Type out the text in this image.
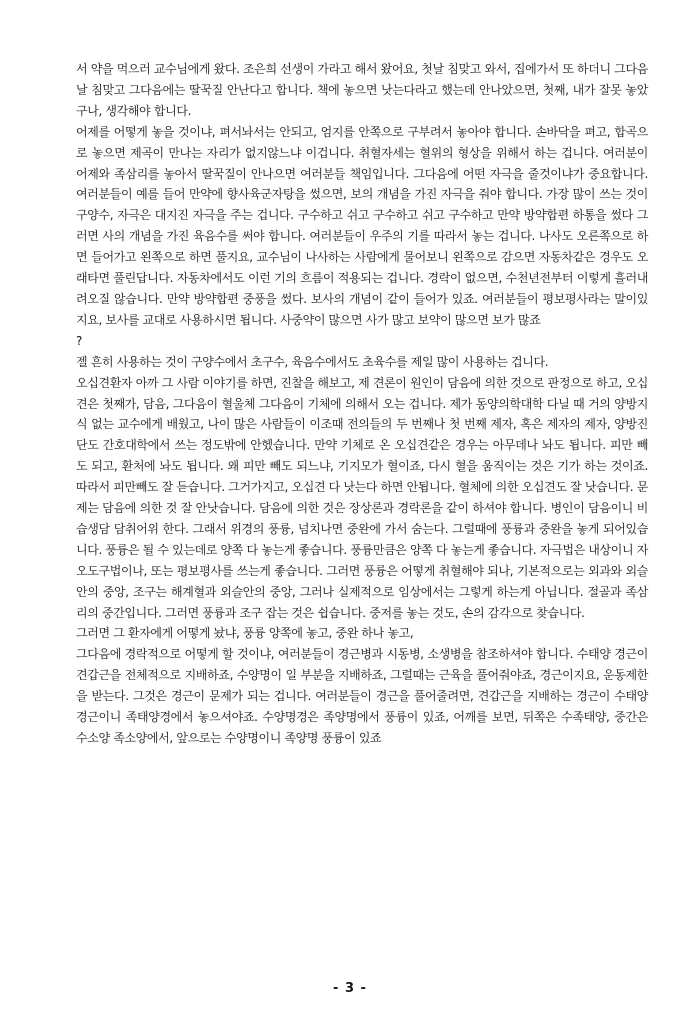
서 약을 먹으러 교수님에게 왔다. 조은희 선생이 가라고 해서 왔어요, 첫날 침맞고 와서, 집에가서 또 하더니 그다음날 침맞고 그다음에는 딸꾹질 안난다고 합니다. 책에 놓으면 낫는다라고 했는데 안나았으면, 첫째, 내가 잘못 놓았구나, 생각해야 합니다.
어제를 어떻게 놓을 것이냐, 펴서놔서는 안되고, 엄지를 안쪽으로 구부려서 놓아야 합니다. 손바닥을 펴고, 합곡으로 놓으면 제곡이 만나는 자리가 없지않느냐 이겁니다. 취혈자세는 혈위의 형상을 위해서 하는 겁니다. 여러분이 어제와 족삼리를 놓아서 딸꾹질이 안나으면 여러분들 책임입니다. 그다음에 어떤 자극을 줄것이냐가 중요합니다. 여러분들이 예를 들어 만약에 향사육군자탕을 썼으면, 보의 개념을 가진 자극을 줘야 합니다. 가장 많이 쓰는 것이 구양수, 자극은 대지진 자극을 주는 겁니다. 구수하고 쉬고 구수하고 쉬고 구수하고 만약 방약합편 하통을 썼다 그러면 사의 개념을 가진 육음수를 써야 합니다. 여러분들이 우주의 기를 따라서 놓는 겁니다. 나사도 오른쪽으로 하면 들어가고 왼쪽으로 하면 풀지요, 교수님이 나사하는 사람에게 물어보니 왼쪽으로 감으면 자동차같은 경우도 오래타면 풀린답니다. 자동차에서도 이런 기의 흐름이 적용되는 겁니다. 경락이 없으면, 수천년전부터 이렇게 흘러내려오질 않습니다. 만약 방약합편 중풍을 썼다. 보사의 개념이 같이 들어가 있죠. 여러분들이 평보평사라는 말이있지요, 보사를 교대로 사용하시면 됩니다. 사중약이 많으면 사가 많고 보약이 많으면 보가 많죠
?
젤 흔히 사용하는 것이 구양수에서 초구수, 육음수에서도 초육수를 제일 많이 사용하는 겁니다.
오십견환자 아까 그 사람 이야기를 하면, 진찰을 해보고, 제 견론이 원인이 담음에 의한 것으로 판정으로 하고, 오십견은 첫째가, 담음, 그다음이 혈울체 그다음이 기체에 의해서 오는 겁니다. 제가 동양의학대학 다닐 때 거의 양방지식 없는 교수에게 배웠고, 나이 많은 사람들이 이조때 전의들의 두 번째나 첫 번째 제자, 혹은 제자의 제자, 양방진단도 간호대학에서 쓰는 정도밖에 안헸습니다. 만약 기체로 온 오십견같은 경우는 아무데나 놔도 됩니다. 피만 빼도 되고, 환처에 놔도 됩니다. 왜 피만 빼도 되느냐, 기지모가 혈이죠, 다시 혈을 움직이는 것은 기가 하는 것이죠. 따라서 피만빼도 잘 듣습니다. 그거가지고, 오십견 다 낫는다 하면 안됩니다. 혈체에 의한 오십견도 잘 낫습니다. 문제는 담음에 의한 것 잘 안낫습니다. 담음에 의한 것은 장상론과 경락론을 같이 하셔야 합니다. 병인이 담음이니 비습생담 담취어위 한다. 그래서 위경의 풍륭, 넘치나면 중완에 가서 숨는다. 그럴때에 풍륭과 중완을 놓게 되어있습니다. 풍륭은 될 수 있는데로 양쪽 다 놓는게 좋습니다. 풍륭만큼은 양쪽 다 놓는게 좋습니다. 자극법은 내상이니 자오도구법이나, 또는 평보평사를 쓰는게 좋습니다. 그러면 풍륭은 어떻게 취혈해야 되나, 기본적으로는 외과와 외슬안의 중앙, 조구는 해계혈과 외슬안의 중앙, 그러나 실제적으로 임상에서는 그렇게 하는게 아닙니다. 절골과 족삼리의 중간입니다. 그러면 풍륭과 조구 잡는 것은 쉽습니다. 중저를 놓는 것도, 손의 감각으로 찾습니다.
그러면 그 환자에게 어떻게 놨냐, 풍륭 양쪽에 놓고, 중완 하나 놓고,
그다음에 경락적으로 어떻게 할 것이냐, 여러분들이 경근병과 시동병, 소생병을 참조하셔야 합니다. 수태양 경근이 견갑근을 전체적으로 지배하죠, 수양명이 일 부분을 지배하죠, 그럴때는 근육을 풀어줘야죠, 경근이지요, 운동제한을 받는다. 그것은 경근이 문제가 되는 겁니다. 여러분들이 경근을 풀어줄려면, 견갑근을 지배하는 경근이 수태양경근이니 족태양경에서 놓으셔야죠. 수양명경은 족양명에서 풍륭이 있죠, 어깨를 보면, 뒤쪽은 수족태양, 중간은 수소양 족소양에서, 앞으로는 수양명이니 족양명 풍륭이 있죠
- 3 -
